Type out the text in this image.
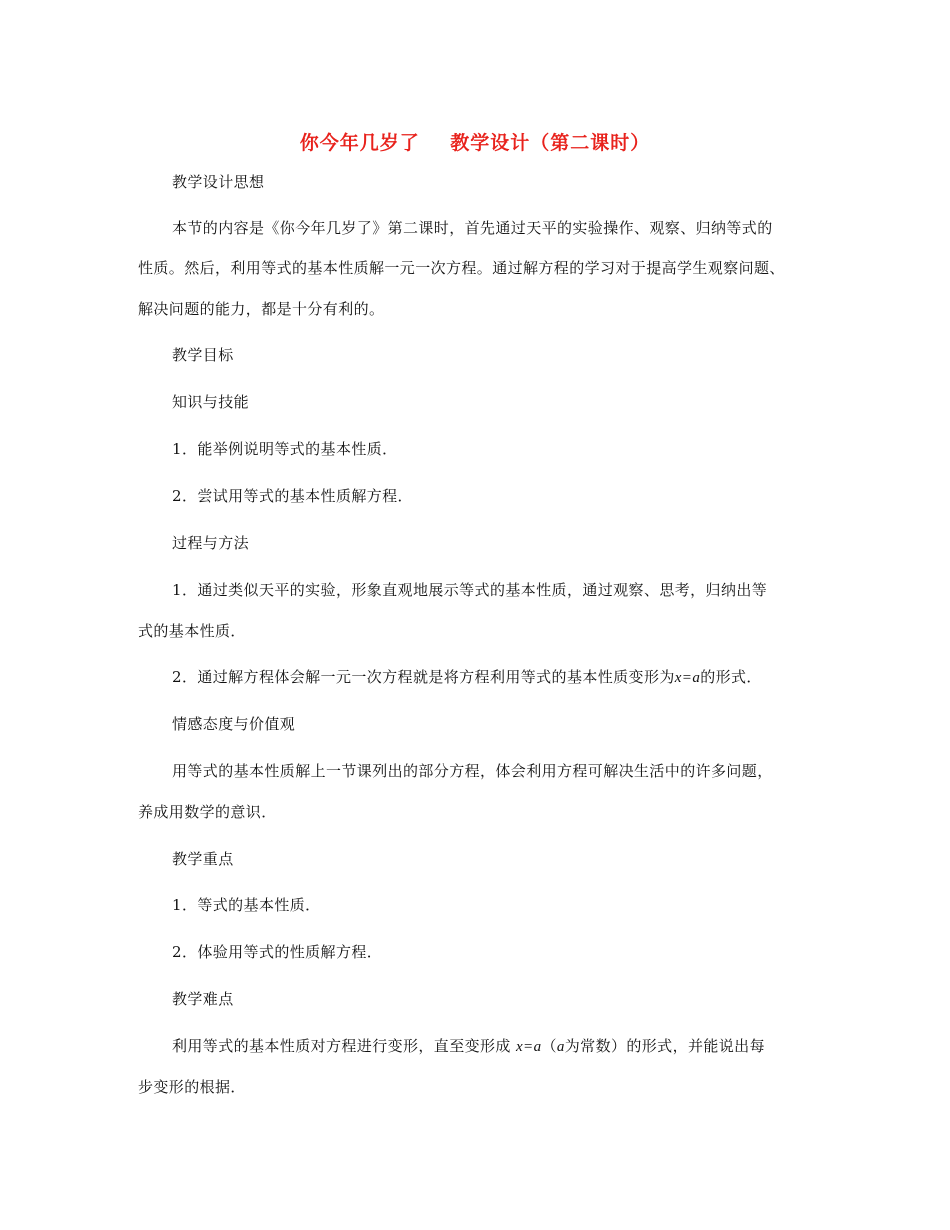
你今年几岁了    教学设计（第二课时）
教学设计思想
本节的内容是《你今年几岁了》第二课时，首先通过天平的实验操作、观察、归纳等式的
性质。然后，利用等式的基本性质解一元一次方程。通过解方程的学习对于提高学生观察问题、
解决问题的能力，都是十分有利的。
教学目标
知识与技能
1．能举例说明等式的基本性质．
2．尝试用等式的基本性质解方程．
过程与方法
1．通过类似天平的实验，形象直观地展示等式的基本性质，通过观察、思考，归纳出等
式的基本性质．
2．通过解方程体会解一元一次方程就是将方程利用等式的基本性质变形为x=a的形式．
情感态度与价值观
用等式的基本性质解上一节课列出的部分方程，体会利用方程可解决生活中的许多问题，
养成用数学的意识．
教学重点
1．等式的基本性质．
2．体验用等式的性质解方程．
教学难点
利用等式的基本性质对方程进行变形，直至变形成 x=a（a为常数）的形式，并能说出每
步变形的根据．
